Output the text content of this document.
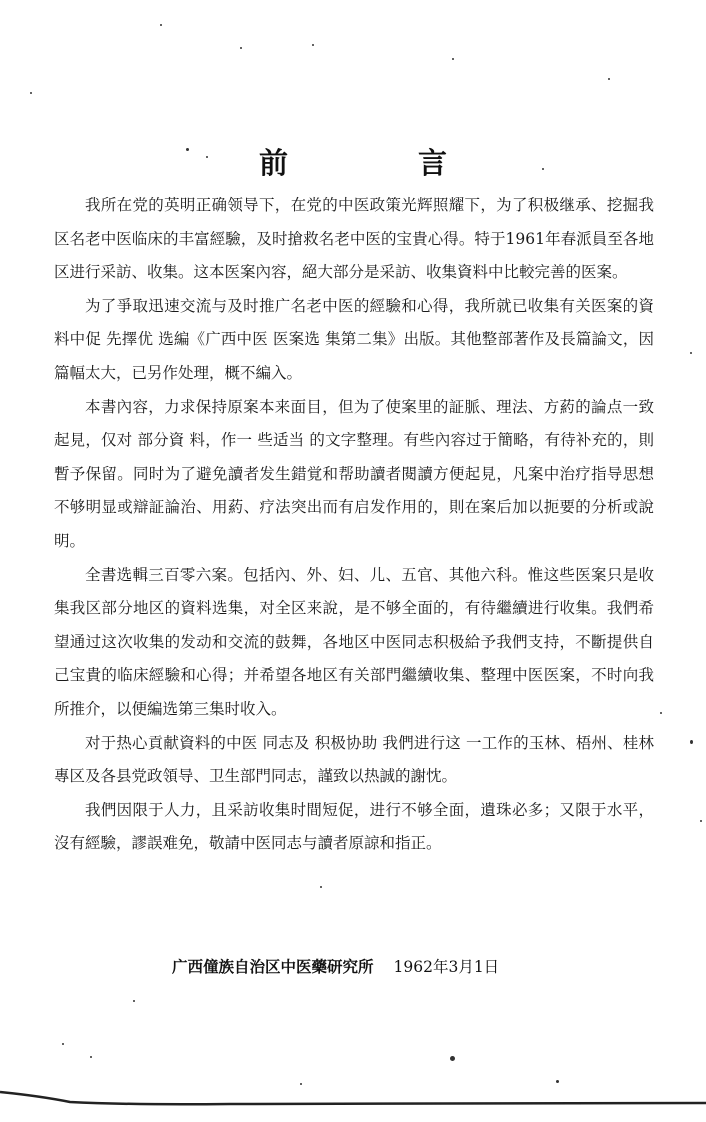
前 言

我所在党的英明正确领导下，在党的中医政策光辉照耀下，为了积极继承、挖掘我区名老中医临床的丰富經驗，及时搶救名老中医的宝貴心得。特于1961年春派員至各地区进行采訪、收集。这本医案內容，絕大部分是采訪、收集資料中比較完善的医案。

为了爭取迅速交流与及时推广名老中医的經驗和心得，我所就已收集有关医案的資料中促 先擇优 选編《广西中医 医案选 集第二集》出版。其他整部著作及長篇論文，因篇幅太大，已另作处理，概不編入。

本書內容，力求保持原案本来面目，但为了使案里的証脈、理法、方葯的論点一致起見，仅对 部分資 料，作一 些适当 的文字整理。有些內容过于簡略，有待补充的，則暫予保留。同时为了避免讀者发生錯覚和帮助讀者閱讀方便起見，凡案中治疗指导思想不够明显或辯証論治、用葯、疗法突出而有启发作用的，則在案后加以扼要的分析或說明。

全書选輯三百零六案。包括內、外、妇、儿、五官、其他六科。惟这些医案只是收集我区部分地区的資料选集，对全区来說，是不够全面的，有待繼續进行收集。我們希望通过这次收集的发动和交流的鼓舞，各地区中医同志积极給予我們支持，不斷提供自己宝貴的临床經驗和心得；并希望各地区有关部門繼續收集、整理中医医案，不时向我所推介，以便編选第三集时收入。

对于热心貢献資料的中医 同志及 积极协助 我們进行这 一工作的玉林、梧州、桂林專区及各县党政領导、卫生部門同志，謹致以热誠的謝忱。

我們因限于人力，且采訪收集时間短促，进行不够全面，遺珠必多；又限于水平，沒有經驗，謬誤难免，敬請中医同志与讀者原諒和指正。

广西僮族自治区中医藥研究所 1962年3月1日
